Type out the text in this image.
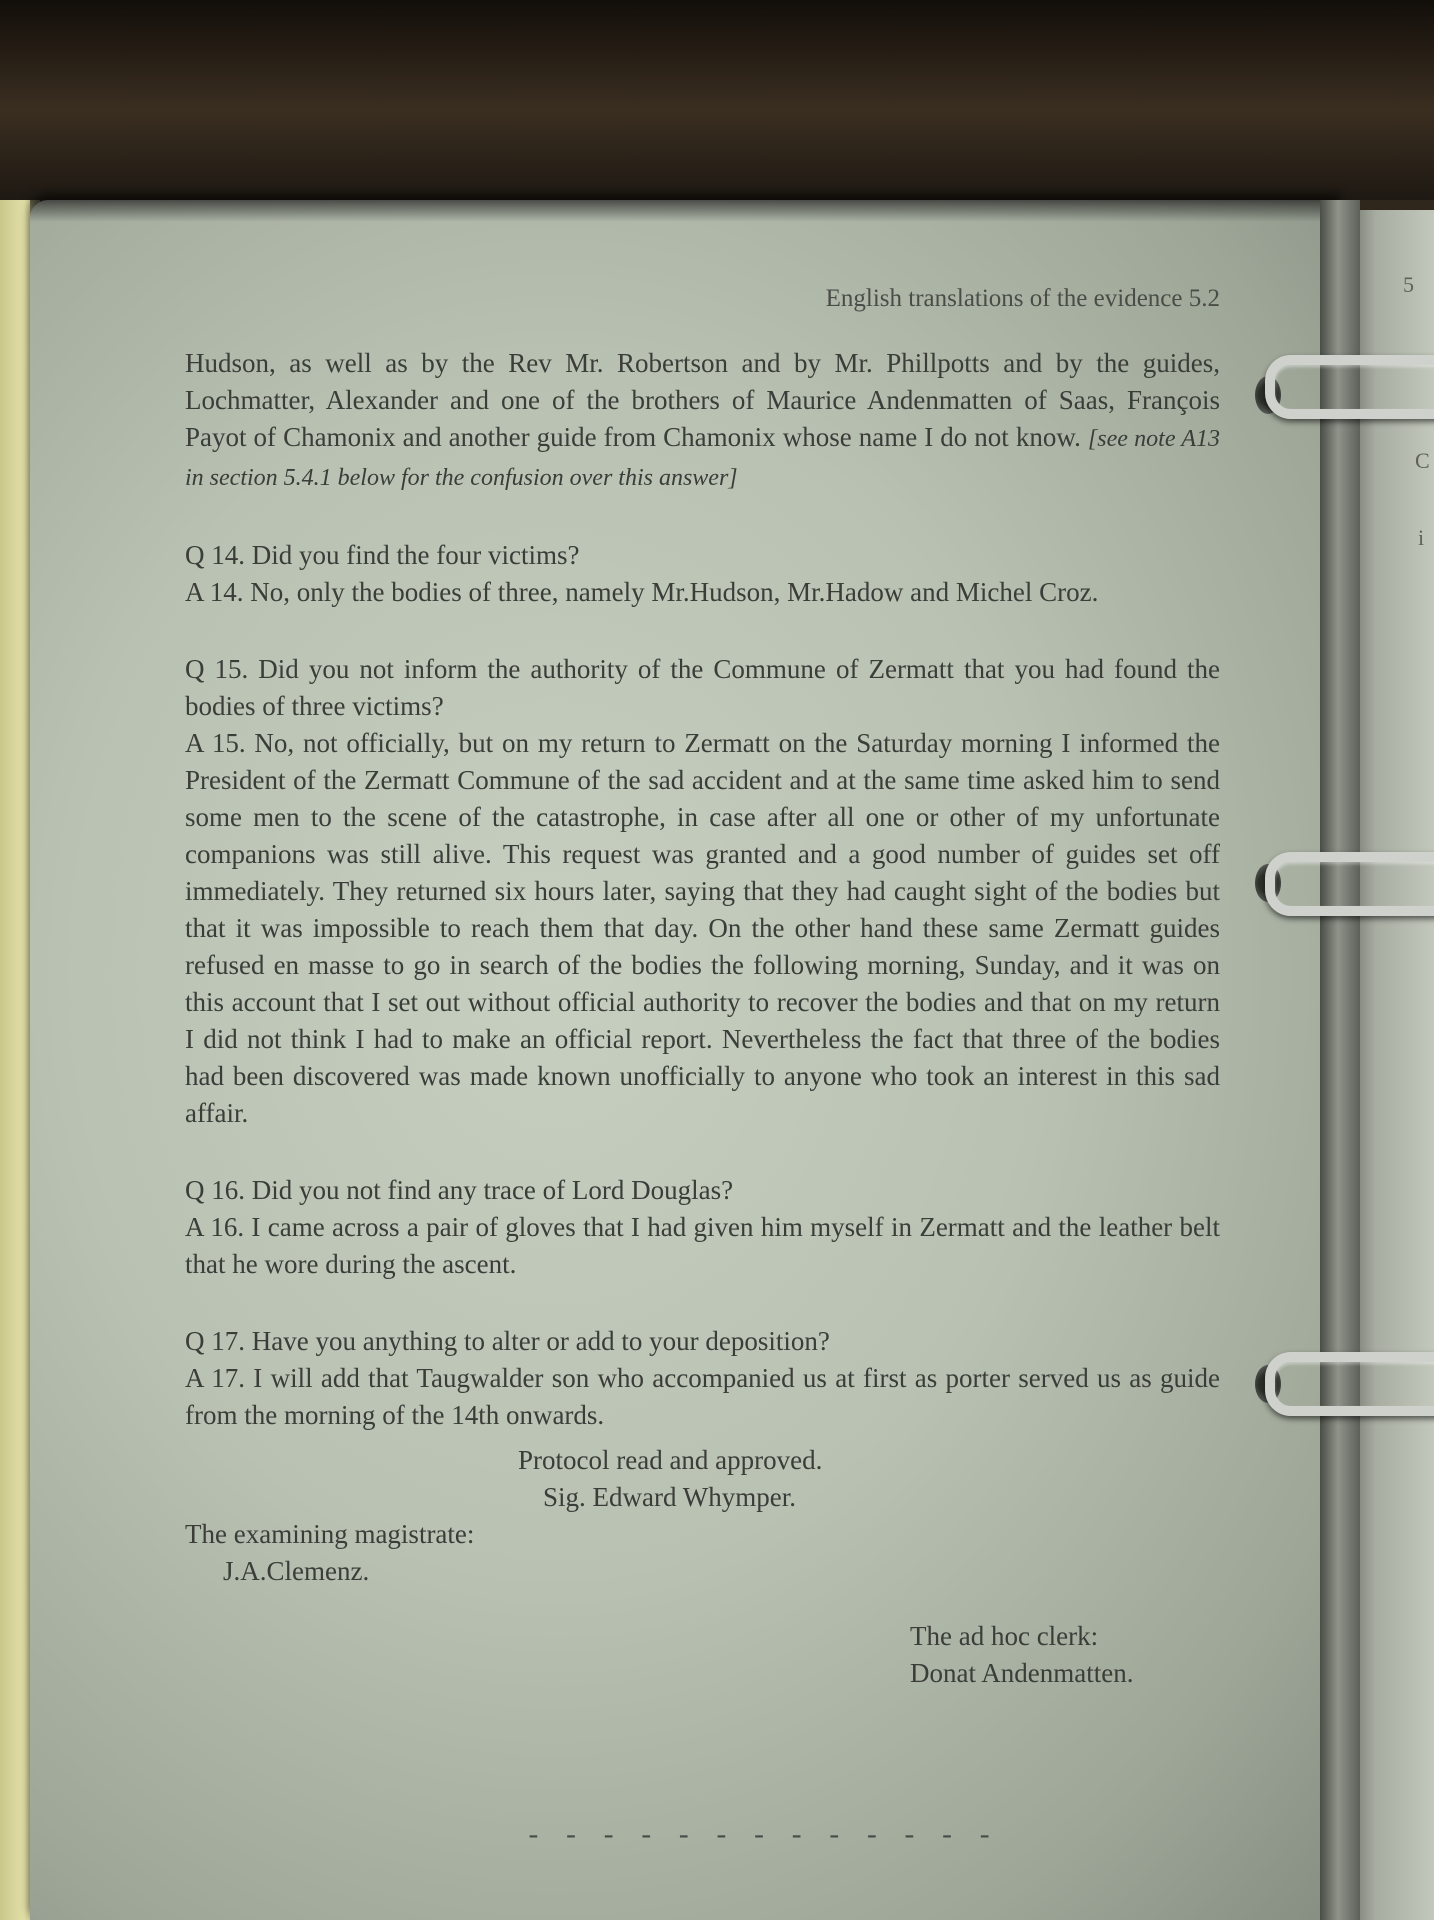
5
C
i
English translations of the evidence 5.2

Hudson, as well as by the Rev Mr. Robertson and by Mr. Phillpotts and by the guides, Lochmatter, Alexander and one of the brothers of Maurice Andenmatten of Saas, François Payot of Chamonix and another guide from Chamonix whose name I do not know. [see note A13 in section 5.4.1 below for the confusion over this answer]

Q 14. Did you find the four victims?

A 14. No, only the bodies of three, namely Mr.Hudson, Mr.Hadow and Michel Croz.

Q 15. Did you not inform the authority of the Commune of Zermatt that you had found the bodies of three victims?

A 15. No, not officially, but on my return to Zermatt on the Saturday morning I informed the President of the Zermatt Commune of the sad accident and at the same time asked him to send some men to the scene of the catastrophe, in case after all one or other of my unfortunate companions was still alive. This request was granted and a good number of guides set off immediately. They returned six hours later, saying that they had caught sight of the bodies but that it was impossible to reach them that day. On the other hand these same Zermatt guides refused en masse to go in search of the bodies the following morning, Sunday, and it was on this account that I set out without official authority to recover the bodies and that on my return I did not think I had to make an official report. Nevertheless the fact that three of the bodies had been discovered was made known unofficially to anyone who took an interest in this sad affair.

Q 16. Did you not find any trace of Lord Douglas?

A 16. I came across a pair of gloves that I had given him myself in Zermatt and the leather belt that he wore during the ascent.

Q 17. Have you anything to alter or add to your deposition?

A 17. I will add that Taugwalder son who accompanied us at first as porter served us as guide from the morning of the 14th onwards.

Protocol read and approved.
Sig. Edward Whymper.
The examining magistrate:
J.A.Clemenz.
The ad hoc clerk:
Donat Andenmatten.
- - - - - - - - - - - - -
